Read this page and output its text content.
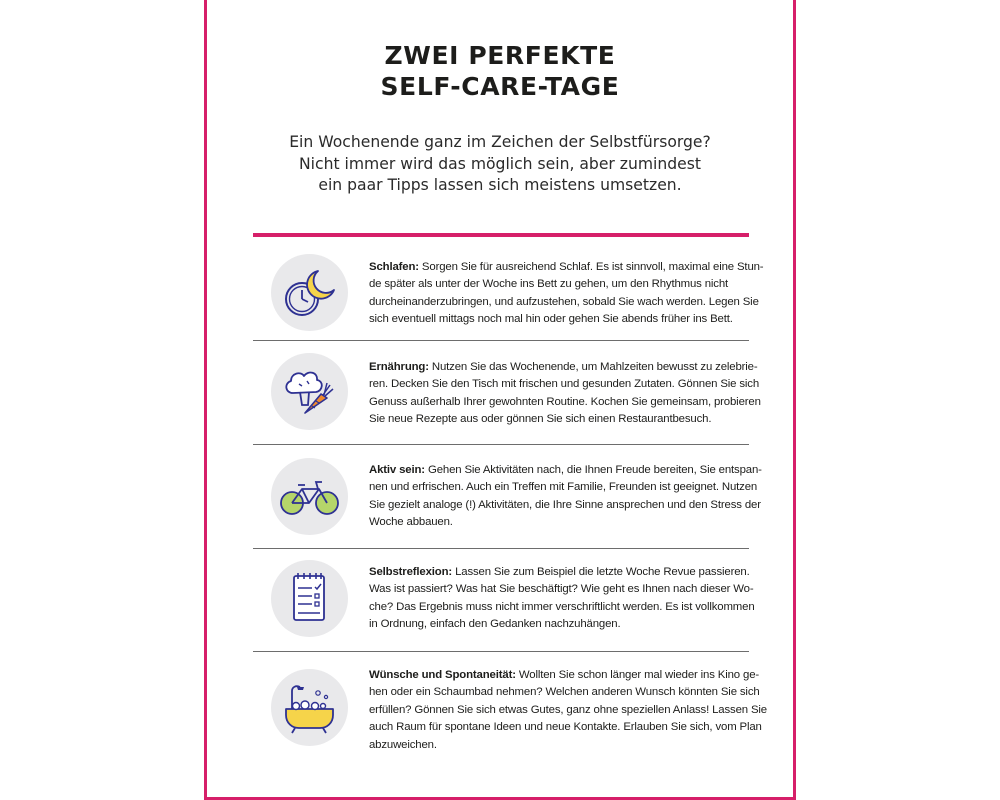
ZWEI PERFEKTE
SELF-CARE-TAGE

Ein Wochenende ganz im Zeichen der Selbstfürsorge?
Nicht immer wird das möglich sein, aber zumindest
ein paar Tipps lassen sich meistens umsetzen.

Schlafen: Sorgen Sie für ausreichend Schlaf. Es ist sinnvoll, maximal eine Stun-
de später als unter der Woche ins Bett zu gehen, um den Rhythmus nicht
durcheinanderzubringen, und aufzustehen, sobald Sie wach werden. Legen Sie
sich eventuell mittags noch mal hin oder gehen Sie abends früher ins Bett.
Ernährung: Nutzen Sie das Wochenende, um Mahlzeiten bewusst zu zelebrie-
ren. Decken Sie den Tisch mit frischen und gesunden Zutaten. Gönnen Sie sich
Genuss außerhalb Ihrer gewohnten Routine. Kochen Sie gemeinsam, probieren
Sie neue Rezepte aus oder gönnen Sie sich einen Restaurantbesuch.
Aktiv sein: Gehen Sie Aktivitäten nach, die Ihnen Freude bereiten, Sie entspan-
nen und erfrischen. Auch ein Treffen mit Familie, Freunden ist geeignet. Nutzen
Sie gezielt analoge (!) Aktivitäten, die Ihre Sinne ansprechen und den Stress der
Woche abbauen.
Selbstreflexion: Lassen Sie zum Beispiel die letzte Woche Revue passieren.
Was ist passiert? Was hat Sie beschäftigt? Wie geht es Ihnen nach dieser Wo-
che? Das Ergebnis muss nicht immer verschriftlicht werden. Es ist vollkommen
in Ordnung, einfach den Gedanken nachzuhängen.
Wünsche und Spontaneität: Wollten Sie schon länger mal wieder ins Kino ge-
hen oder ein Schaumbad nehmen? Welchen anderen Wunsch könnten Sie sich
erfüllen? Gönnen Sie sich etwas Gutes, ganz ohne speziellen Anlass! Lassen Sie
auch Raum für spontane Ideen und neue Kontakte. Erlauben Sie sich, vom Plan
abzuweichen.
